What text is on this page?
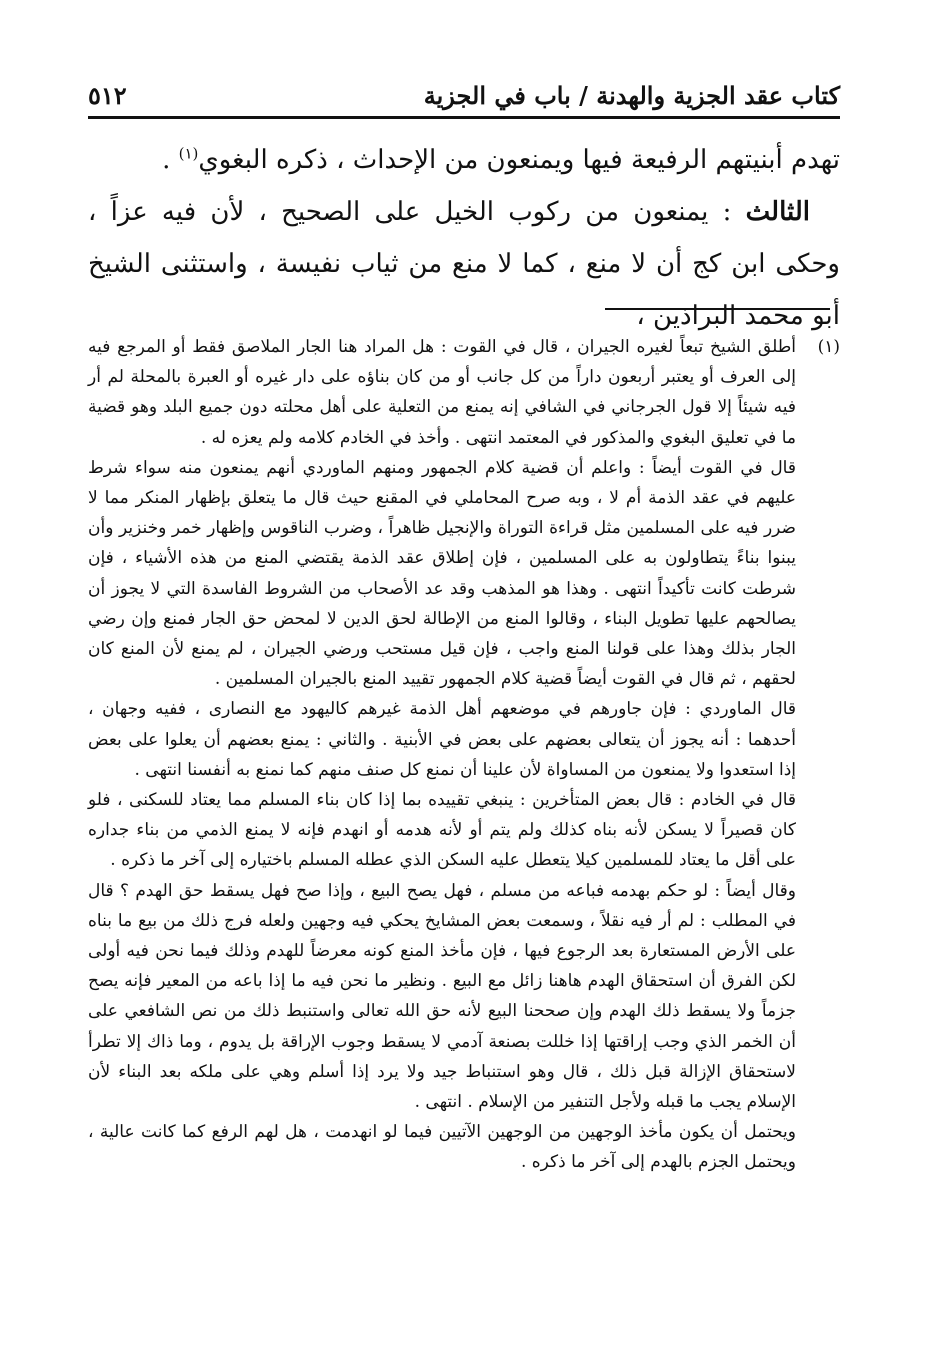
كتاب عقد الجزية والهدنة / باب في الجزية
٥١٢

تهدم أبنيتهم الرفيعة فيها ويمنعون من الإحداث ، ذكره البغوي$^{(١)}$ .

الثالث : يمنعون من ركوب الخيل على الصحيح ، لأن فيه عزاً ، وحكى ابن كج أن لا منع ، كما لا منع من ثياب نفيسة ، واستثنى الشيخ أبو محمد البراذين ،

(١)

أطلق الشيخ تبعاً لغيره الجيران ، قال في القوت : هل المراد هنا الجار الملاصق فقط أو المرجع فيه إلى العرف أو يعتبر أربعون داراً من كل جانب أو من كان بناؤه على دار غيره أو العبرة بالمحلة لم أر فيه شيئاً إلا قول الجرجاني في الشافي إنه يمنع من التعلية على أهل محلته دون جميع البلد وهو قضية ما في تعليق البغوي والمذكور في المعتمد انتهى . وأخذ في الخادم كلامه ولم يعزه له .

قال في القوت أيضاً : واعلم أن قضية كلام الجمهور ومنهم الماوردي أنهم يمنعون منه سواء شرط عليهم في عقد الذمة أم لا ، وبه صرح المحاملي في المقنع حيث قال ما يتعلق بإظهار المنكر مما لا ضرر فيه على المسلمين مثل قراءة التوراة والإنجيل ظاهراً ، وضرب الناقوس وإظهار خمر وخنزير وأن يبنوا بناءً يتطاولون به على المسلمين ، فإن إطلاق عقد الذمة يقتضي المنع من هذه الأشياء ، فإن شرطت كانت تأكيداً انتهى . وهذا هو المذهب وقد عد الأصحاب من الشروط الفاسدة التي لا يجوز أن يصالحهم عليها تطويل البناء ، وقالوا المنع من الإطالة لحق الدين لا لمحض حق الجار فمنع وإن رضي الجار بذلك وهذا على قولنا المنع واجب ، فإن قيل مستحب ورضي الجيران ، لم يمنع لأن المنع كان لحقهم ، ثم قال في القوت أيضاً قضية كلام الجمهور تقييد المنع بالجيران المسلمين .

قال الماوردي : فإن جاورهم في موضعهم أهل الذمة غيرهم كاليهود مع النصارى ، ففيه وجهان ، أحدهما : أنه يجوز أن يتعالى بعضهم على بعض في الأبنية . والثاني : يمنع بعضهم أن يعلوا على بعض إذا استعدوا ولا يمنعون من المساواة لأن علينا أن نمنع كل صنف منهم كما نمنع به أنفسنا انتهى .

قال في الخادم : قال بعض المتأخرين : ينبغي تقييده بما إذا كان بناء المسلم مما يعتاد للسكنى ، فلو كان قصيراً لا يسكن لأنه بناه كذلك ولم يتم أو لأنه هدمه أو انهدم فإنه لا يمنع الذمي من بناء جداره على أقل ما يعتاد للمسلمين كيلا يتعطل عليه السكن الذي عطله المسلم باختياره إلى آخر ما ذكره .

وقال أيضاً : لو حكم بهدمه فباعه من مسلم ، فهل يصح البيع ، وإذا صح فهل يسقط حق الهدم ؟ قال في المطلب : لم أر فيه نقلاً ، وسمعت بعض المشايخ يحكي فيه وجهين ولعله فرج ذلك من بيع ما بناه على الأرض المستعارة بعد الرجوع فيها ، فإن مأخذ المنع كونه معرضاً للهدم وذلك فيما نحن فيه أولى لكن الفرق أن استحقاق الهدم هاهنا زائل مع البيع . ونظير ما نحن فيه ما إذا باعه من المعير فإنه يصح جزماً ولا يسقط ذلك الهدم وإن صححنا البيع لأنه حق الله تعالى واستنبط ذلك من نص الشافعي على أن الخمر الذي وجب إراقتها إذا خللت بصنعة آدمي لا يسقط وجوب الإراقة بل يدوم ، وما ذاك إلا تطرأ لاستحقاق الإزالة قبل ذلك ، قال وهو استنباط جيد ولا يرد إذا أسلم وهي على ملكه بعد البناء لأن الإسلام يجب ما قبله ولأجل التنفير من الإسلام . انتهى .

ويحتمل أن يكون مأخذ الوجهين من الوجهين الآتيين فيما لو انهدمت ، هل لهم الرفع كما كانت عالية ، ويحتمل الجزم بالهدم إلى آخر ما ذكره .
